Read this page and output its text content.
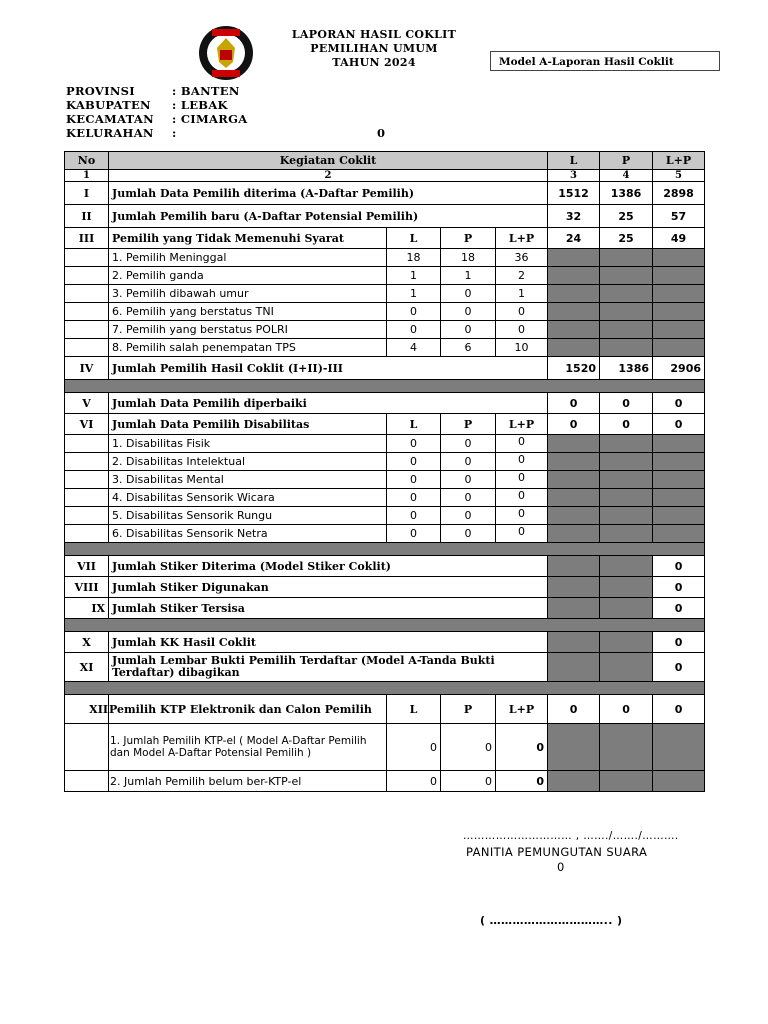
LAPORAN HASIL COKLIT
PEMILIHAN UMUM
TAHUN 2024	Model A-Laporan Hasil Coklit
PROVINSI	: BANTEN
KABUPATEN : LEBAK
KECAMATAN : CIMARGA
KELURAHAN :	0
No	Kegiatan Coklit				L	P	L+P
1	2				3	4	5
I	Jumlah Data Pemilih diterima (A-Daftar Pemilih)				1512	1386	2898
II	Jumlah Pemilih baru (A-Daftar Potensial Pemilih)				32	25	57
III	Pemilih yang Tidak Memenuhi Syarat	L	P	L+P	24	25	49
	1. Pemilih Meninggal	18	18	36			
	2. Pemilih ganda	1	1	2			
	3. Pemilih dibawah umur	1	0	1			
	6. Pemilih yang berstatus TNI	0	0	0			
	7. Pemilih yang berstatus POLRI	0	0	0			
	8. Pemilih salah penempatan TPS	4	6	10			
IV	Jumlah Pemilih Hasil Coklit (I+II)-III				1520	1386	2906

V	Jumlah Data Pemilih diperbaiki				0	0	0
VI	Jumlah Data Pemilih Disabilitas	L	P	L+P	0	0	0
	1. Disabilitas Fisik	0	0	0			
	2. Disabilitas Intelektual	0	0	0			
	3. Disabilitas Mental	0	0	0			
	4. Disabilitas Sensorik Wicara	0	0	0			
	5. Disabilitas Sensorik Rungu	0	0	0			
	6. Disabilitas Sensorik Netra	0	0	0			

VII	Jumlah Stiker Diterima (Model Stiker Coklit)						0
VIII	Jumlah Stiker Digunakan						0
IX	Jumlah Stiker Tersisa						0

X	Jumlah KK Hasil Coklit						0
XI	Jumlah Lembar Bukti Pemilih Terdaftar (Model A-Tanda Bukti Terdaftar) dibagikan						0

XII	Pemilih KTP Elektronik dan Calon Pemilih	L	P	L+P	0	0	0
	1. Jumlah Pemilih KTP-el ( Model A-Daftar Pemilih dan Model A-Daftar Potensial Pemilih )	0	0	0			
	2. Jumlah Pemilih belum ber-KTP-el	0	0	0			
………………………… , ……./……./……….
PANITIA PEMUNGUTAN SUARA
0
( ………………………….. )
